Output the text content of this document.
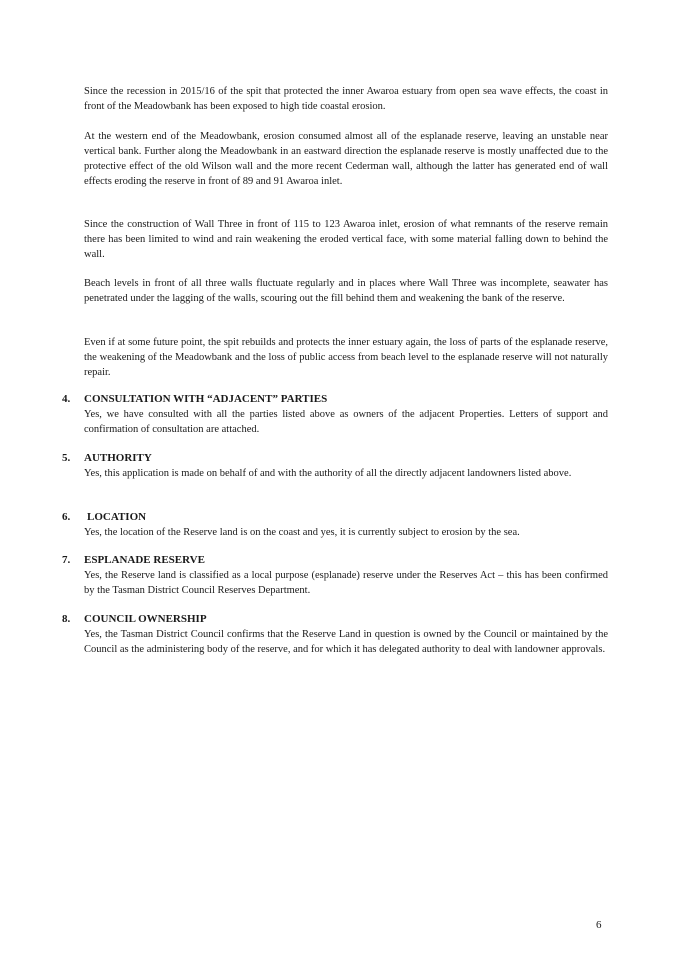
Since the recession in 2015/16 of the spit that protected the inner Awaroa estuary from open sea wave effects, the coast in front of the Meadowbank has been exposed to high tide coastal erosion.

At the western end of the Meadowbank, erosion consumed almost all of the esplanade reserve, leaving an unstable near vertical bank. Further along the Meadowbank in an eastward direction the esplanade reserve is mostly unaffected due to the protective effect of the old Wilson wall and the more recent Cederman wall, although the latter has generated end of wall effects eroding the reserve in front of 89 and 91 Awaroa inlet.

Since the construction of Wall Three in front of 115 to 123 Awaroa inlet, erosion of what remnants of the reserve remain there has been limited to wind and rain weakening the eroded vertical face, with some material falling down to behind the wall.

Beach levels in front of all three walls fluctuate regularly and in places where Wall Three was incomplete, seawater has penetrated under the lagging of the walls, scouring out the fill behind them and weakening the bank of the reserve.

Even if at some future point, the spit rebuilds and protects the inner estuary again, the loss of parts of the esplanade reserve, the weakening of the Meadowbank and the loss of public access from beach level to the esplanade reserve will not naturally repair.

4. CONSULTATION WITH “ADJACENT” PARTIES

Yes, we have consulted with all the parties listed above as owners of the adjacent Properties. Letters of support and confirmation of consultation are attached.

5. AUTHORITY

Yes, this application is made on behalf of and with the authority of all the directly adjacent landowners listed above.

6. LOCATION

Yes, the location of the Reserve land is on the coast and yes, it is currently subject to erosion by the sea.

7. ESPLANADE RESERVE

Yes, the Reserve land is classified as a local purpose (esplanade) reserve under the Reserves Act – this has been confirmed by the Tasman District Council Reserves Department.

8. COUNCIL OWNERSHIP

Yes, the Tasman District Council confirms that the Reserve Land in question is owned by the Council or maintained by the Council as the administering body of the reserve, and for which it has delegated authority to deal with landowner approvals.

6
